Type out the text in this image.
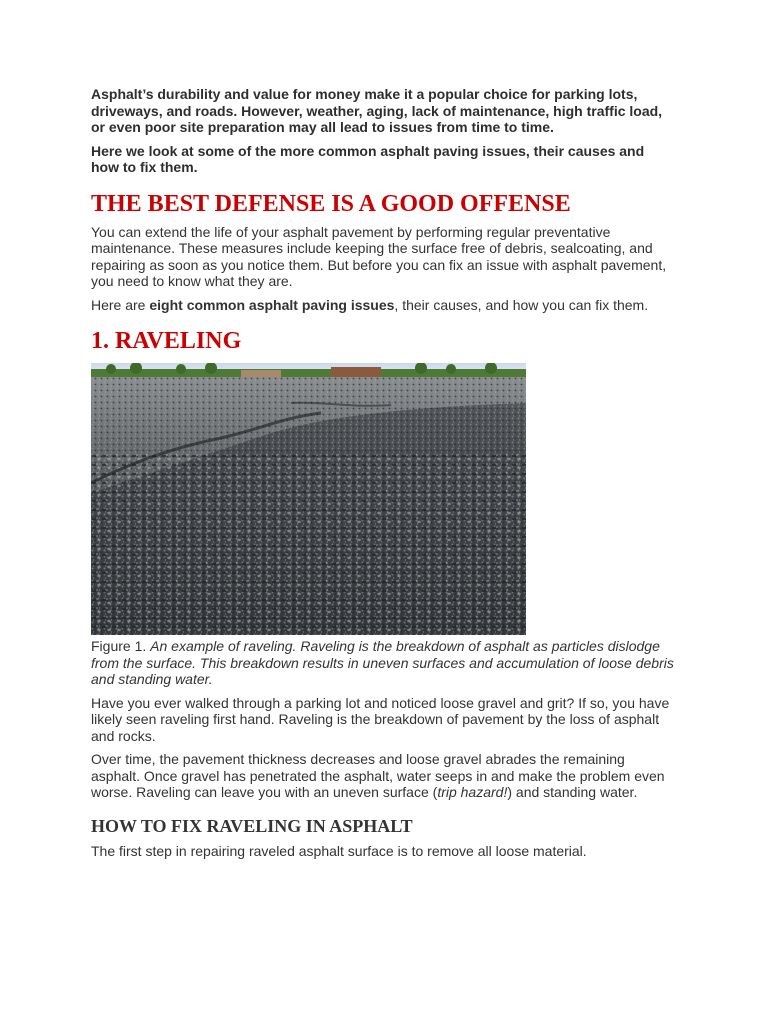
Asphalt’s durability and value for money make it a popular choice for parking lots, driveways, and roads. However, weather, aging, lack of maintenance, high traffic load, or even poor site preparation may all lead to issues from time to time.

Here we look at some of the more common asphalt paving issues, their causes and how to fix them.

THE BEST DEFENSE IS A GOOD OFFENSE

You can extend the life of your asphalt pavement by performing regular preventative maintenance. These measures include keeping the surface free of debris, sealcoating, and repairing as soon as you notice them. But before you can fix an issue with asphalt pavement, you need to know what they are.

Here are eight common asphalt paving issues, their causes, and how you can fix them.

1. RAVELING

Figure 1. An example of raveling. Raveling is the breakdown of asphalt as particles dislodge from the surface. This breakdown results in uneven surfaces and accumulation of loose debris and standing water.

Have you ever walked through a parking lot and noticed loose gravel and grit? If so, you have likely seen raveling first hand. Raveling is the breakdown of pavement by the loss of asphalt and rocks.

Over time, the pavement thickness decreases and loose gravel abrades the remaining asphalt. Once gravel has penetrated the asphalt, water seeps in and make the problem even worse. Raveling can leave you with an uneven surface (trip hazard!) and standing water.

HOW TO FIX RAVELING IN ASPHALT

The first step in repairing raveled asphalt surface is to remove all loose material.
